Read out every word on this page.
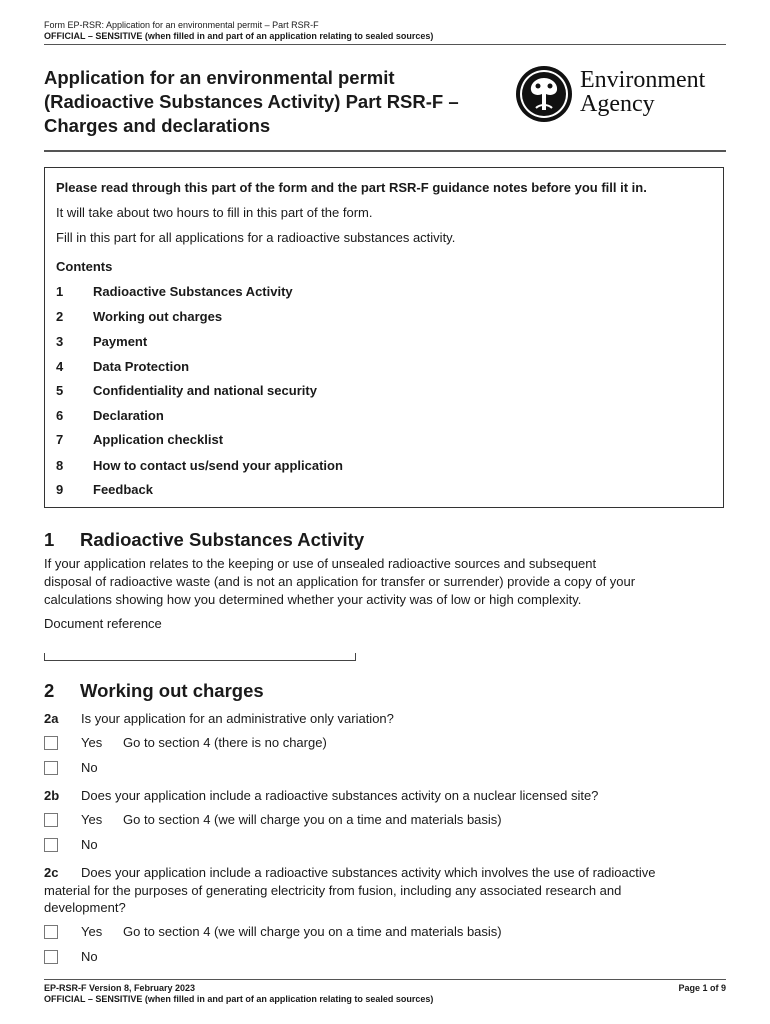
Form EP-RSR: Application for an environmental permit – Part RSR-F
OFFICIAL – SENSITIVE (when filled in and part of an application relating to sealed sources)
Application for an environmental permit
(Radioactive Substances Activity) Part RSR-F –
Charges and declarations
Environment
Agency
Please read through this part of the form and the part RSR-F guidance notes before you fill it in.
It will take about two hours to fill in this part of the form.
Fill in this part for all applications for a radioactive substances activity.
Contents
1 Radioactive Substances Activity
2 Working out charges
3 Payment
4 Data Protection
5 Confidentiality and national security
6 Declaration
7 Application checklist
8 How to contact us/send your application
9 Feedback
1 Radioactive Substances Activity
If your application relates to the keeping or use of unsealed radioactive sources and subsequent
disposal of radioactive waste (and is not an application for transfer or surrender) provide a copy of your
calculations showing how you determined whether your activity was of low or high complexity.
Document reference
2 Working out charges
2a Is your application for an administrative only variation?
Yes Go to section 4 (there is no charge)
No
2b Does your application include a radioactive substances activity on a nuclear licensed site?
Yes Go to section 4 (we will charge you on a time and materials basis)
No
2c Does your application include a radioactive substances activity which involves the use of radioactive
material for the purposes of generating electricity from fusion, including any associated research and
development?
Yes Go to section 4 (we will charge you on a time and materials basis)
No
EP-RSR-F Version 8, February 2023
OFFICIAL – SENSITIVE (when filled in and part of an application relating to sealed sources)
Page 1 of 9
